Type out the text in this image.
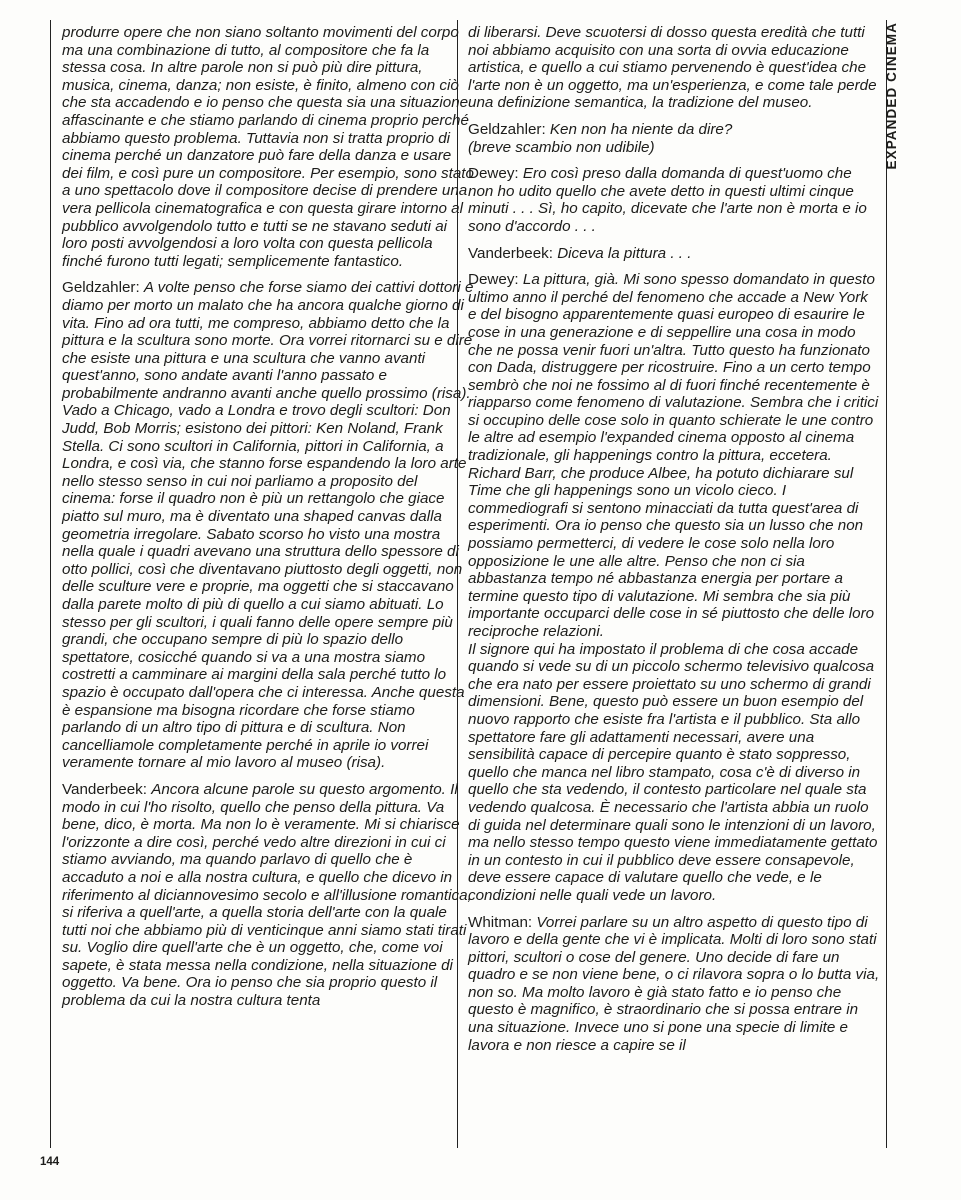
EXPANDED CINEMA

produrre opere che non siano soltanto movimenti del corpo ma una combinazione di tutto, al compositore che fa la stessa cosa. In altre parole non si può più dire pittura, musica, cinema, danza; non esiste, è finito, almeno con ciò che sta accadendo e io penso che questa sia una situazione affascinante e che stiamo parlando di cinema proprio perché abbiamo questo problema. Tuttavia non si tratta proprio di cinema perché un danzatore può fare della danza e usare dei film, e così pure un compositore. Per esempio, sono stato a uno spettacolo dove il compositore decise di prendere una vera pellicola cinematografica e con questa girare intorno al pubblico avvolgendolo tutto e tutti se ne stavano seduti ai loro posti avvolgendosi a loro volta con questa pellicola finché furono tutti legati; semplicemente fantastico.

Geldzahler: A volte penso che forse siamo dei cattivi dottori e diamo per morto un malato che ha ancora qualche giorno di vita. Fino ad ora tutti, me compreso, abbiamo detto che la pittura e la scultura sono morte. Ora vorrei ritornarci su e dire che esiste una pittura e una scultura che vanno avanti quest'anno, sono andate avanti l'anno passato e probabilmente andranno avanti anche quello prossimo (risa). Vado a Chicago, vado a Londra e trovo degli scultori: Don Judd, Bob Morris; esistono dei pittori: Ken Noland, Frank Stella. Ci sono scultori in California, pittori in California, a Londra, e così via, che stanno forse espandendo la loro arte nello stesso senso in cui noi parliamo a proposito del cinema: forse il quadro non è più un rettangolo che giace piatto sul muro, ma è diventato una shaped canvas dalla geometria irregolare. Sabato scorso ho visto una mostra nella quale i quadri avevano una struttura dello spessore di otto pollici, così che diventavano piuttosto degli oggetti, non delle sculture vere e proprie, ma oggetti che si staccavano dalla parete molto di più di quello a cui siamo abituati. Lo stesso per gli scultori, i quali fanno delle opere sempre più grandi, che occupano sempre di più lo spazio dello spettatore, cosicché quando si va a una mostra siamo costretti a camminare ai margini della sala perché tutto lo spazio è occupato dall'opera che ci interessa. Anche questa è espansione ma bisogna ricordare che forse stiamo parlando di un altro tipo di pittura e di scultura. Non cancelliamole completamente perché in aprile io vorrei veramente tornare al mio lavoro al museo (risa).

Vanderbeek: Ancora alcune parole su questo argomento. Il modo in cui l'ho risolto, quello che penso della pittura. Va bene, dico, è morta. Ma non lo è veramente. Mi si chiarisce l'orizzonte a dire così, perché vedo altre direzioni in cui ci stiamo avviando, ma quando parlavo di quello che è accaduto a noi e alla nostra cultura, e quello che dicevo in riferimento al diciannovesimo secolo e all'illusione romantica, si riferiva a quell'arte, a quella storia dell'arte con la quale tutti noi che abbiamo più di venticinque anni siamo stati tirati su. Voglio dire quell'arte che è un oggetto, che, come voi sapete, è stata messa nella condizione, nella situazione di oggetto. Va bene. Ora io penso che sia proprio questo il problema da cui la nostra cultura tenta

di liberarsi. Deve scuotersi di dosso questa eredità che tutti noi abbiamo acquisito con una sorta di ovvia educazione artistica, e quello a cui stiamo pervenendo è quest'idea che l'arte non è un oggetto, ma un'esperienza, e come tale perde una definizione semantica, la tradizione del museo.

Geldzahler: Ken non ha niente da dire?
(breve scambio non udibile)

Dewey: Ero così preso dalla domanda di quest'uomo che non ho udito quello che avete detto in questi ultimi cinque minuti . . . Sì, ho capito, dicevate che l'arte non è morta e io sono d'accordo . . .

Vanderbeek: Diceva la pittura . . .

Dewey: La pittura, già. Mi sono spesso domandato in questo ultimo anno il perché del fenomeno che accade a New York e del bisogno apparentemente quasi europeo di esaurire le cose in una generazione e di seppellire una cosa in modo che ne possa venir fuori un'altra. Tutto questo ha funzionato con Dada, distruggere per ricostruire. Fino a un certo tempo sembrò che noi ne fossimo al di fuori finché recentemente è riapparso come fenomeno di valutazione. Sembra che i critici si occupino delle cose solo in quanto schierate le une contro le altre ad esempio l'expanded cinema opposto al cinema tradizionale, gli happenings contro la pittura, eccetera. Richard Barr, che produce Albee, ha potuto dichiarare sul Time che gli happenings sono un vicolo cieco. I commediografi si sentono minacciati da tutta quest'area di esperimenti. Ora io penso che questo sia un lusso che non possiamo permetterci, di vedere le cose solo nella loro opposizione le une alle altre. Penso che non ci sia abbastanza tempo né abbastanza energia per portare a termine questo tipo di valutazione. Mi sembra che sia più importante occuparci delle cose in sé piuttosto che delle loro reciproche relazioni.
Il signore qui ha impostato il problema di che cosa accade quando si vede su di un piccolo schermo televisivo qualcosa che era nato per essere proiettato su uno schermo di grandi dimensioni. Bene, questo può essere un buon esempio del nuovo rapporto che esiste fra l'artista e il pubblico. Sta allo spettatore fare gli adattamenti necessari, avere una sensibilità capace di percepire quanto è stato soppresso, quello che manca nel libro stampato, cosa c'è di diverso in quello che sta vedendo, il contesto particolare nel quale sta vedendo qualcosa. È necessario che l'artista abbia un ruolo di guida nel determinare quali sono le intenzioni di un lavoro, ma nello stesso tempo questo viene immediatamente gettato in un contesto in cui il pubblico deve essere consapevole, deve essere capace di valutare quello che vede, e le condizioni nelle quali vede un lavoro.

Whitman: Vorrei parlare su un altro aspetto di questo tipo di lavoro e della gente che vi è implicata. Molti di loro sono stati pittori, scultori o cose del genere. Uno decide di fare un quadro e se non viene bene, o ci rilavora sopra o lo butta via, non so. Ma molto lavoro è già stato fatto e io penso che questo è magnifico, è straordinario che si possa entrare in una situazione. Invece uno si pone una specie di limite e lavora e non riesce a capire se il

144
